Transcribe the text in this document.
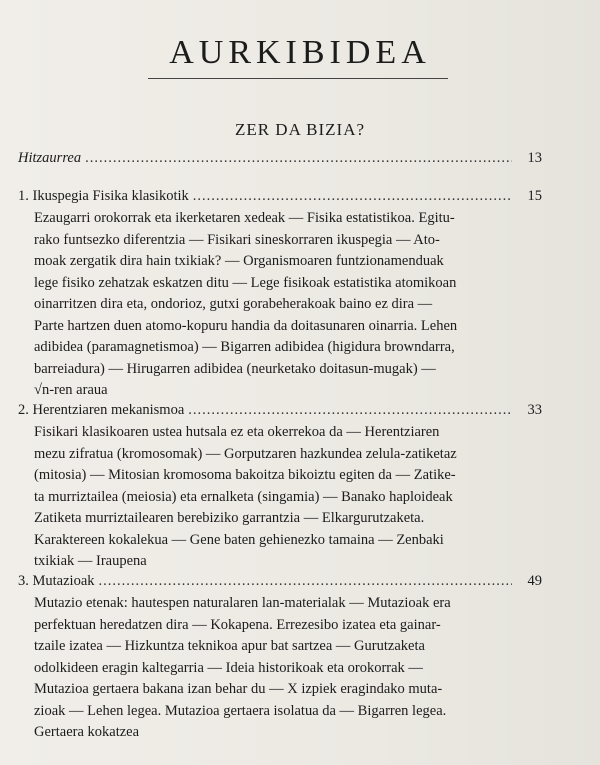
AURKIBIDEA
ZER DA BIZIA?
Hitzaurrea .....	13
1. Ikuspegia Fisika klasikotik .....	15
Ezaugarri orokorrak eta ikerketaren xedeak — Fisika estatistikoa. Egitu-
rako funtsezko diferentzia — Fisikari sineskorraren ikuspegia — Ato-
moak zergatik dira hain txikiak? — Organismoaren funtzionamenduak
lege fisiko zehatzak eskatzen ditu — Lege fisikoak estatistika atomikoan
oinarritzen dira eta, ondorioz, gutxi gorabeherakoak baino ez dira —
Parte hartzen duen atomo-kopuru handia da doitasunaren oinarria. Lehen
adibidea (paramagnetismoa) — Bigarren adibidea (higidura browndarra,
barreiadura) — Hirugarren adibidea (neurketako doitasun-mugak) —
√n-ren araua
2. Herentziaren mekanismoa .....	33
Fisikari klasikoaren ustea hutsala ez eta okerrekoa da — Herentziaren
mezu zifratua (kromosomak) — Gorputzaren hazkundea zelula-zatiketaz
(mitosia) — Mitosian kromosoma bakoitza bikoiztu egiten da — Zatike-
ta murriztailea (meiosia) eta ernalketa (singamia) — Banako haploideak
Zatiketa murriztailearen berebiziko garrantzia — Elkargurutzaketa.
Karaktereen kokalekua — Gene baten gehienezko tamaina — Zenbaki
txikiak — Iraupena
3. Mutazioak .....	49
Mutazio etenak: hautespen naturalaren lan-materialak — Mutazioak era
perfektuan heredatzen dira — Kokapena. Errezesibo izatea eta gainar-
tzaile izatea — Hizkuntza teknikoa apur bat sartzea — Gurutzaketa
odolkideen eragin kaltegarria — Ideia historikoak eta orokorrak —
Mutazioa gertaera bakana izan behar du — X izpiek eragindako muta-
zioak — Lehen legea. Mutazioa gertaera isolatua da — Bigarren legea.
Gertaera kokatzea
